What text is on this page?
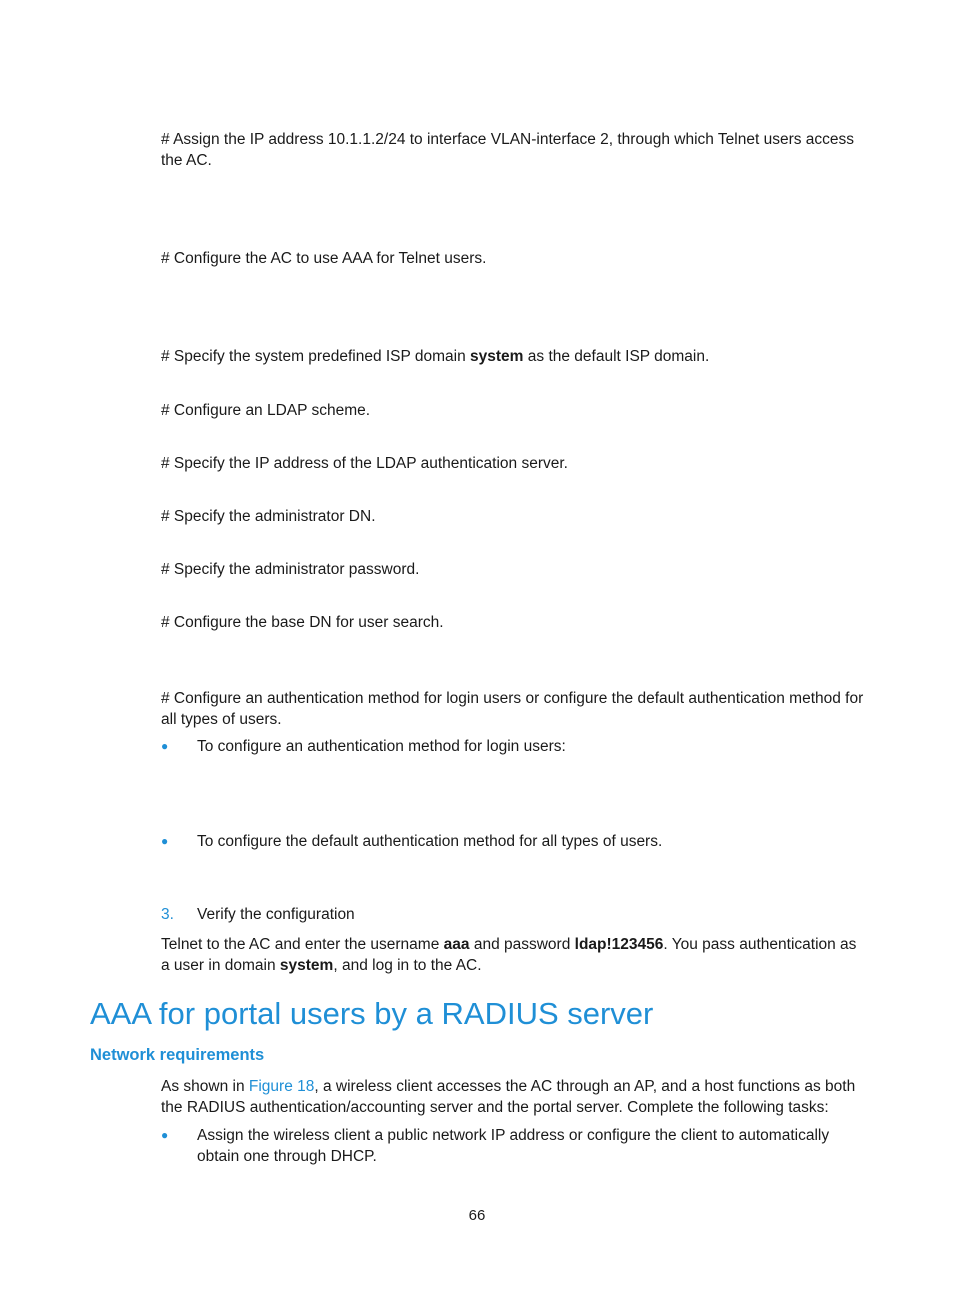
# Assign the IP address 10.1.1.2/24 to interface VLAN-interface 2, through which Telnet users access the AC.

# Configure the AC to use AAA for Telnet users.

# Specify the system predefined ISP domain system as the default ISP domain.

# Configure an LDAP scheme.

# Specify the IP address of the LDAP authentication server.

# Specify the administrator DN.

# Specify the administrator password.

# Configure the base DN for user search.

# Configure an authentication method for login users or configure the default authentication method for all types of users.

● To configure an authentication method for login users:
● To configure the default authentication method for all types of users.
3. Verify the configuration

Telnet to the AC and enter the username aaa and password ldap!123456. You pass authentication as a user in domain system, and log in to the AC.

AAA for portal users by a RADIUS server
Network requirements

As shown in Figure 18, a wireless client accesses the AC through an AP, and a host functions as both the RADIUS authentication/accounting server and the portal server. Complete the following tasks:

● Assign the wireless client a public network IP address or configure the client to automatically obtain one through DHCP.
66
